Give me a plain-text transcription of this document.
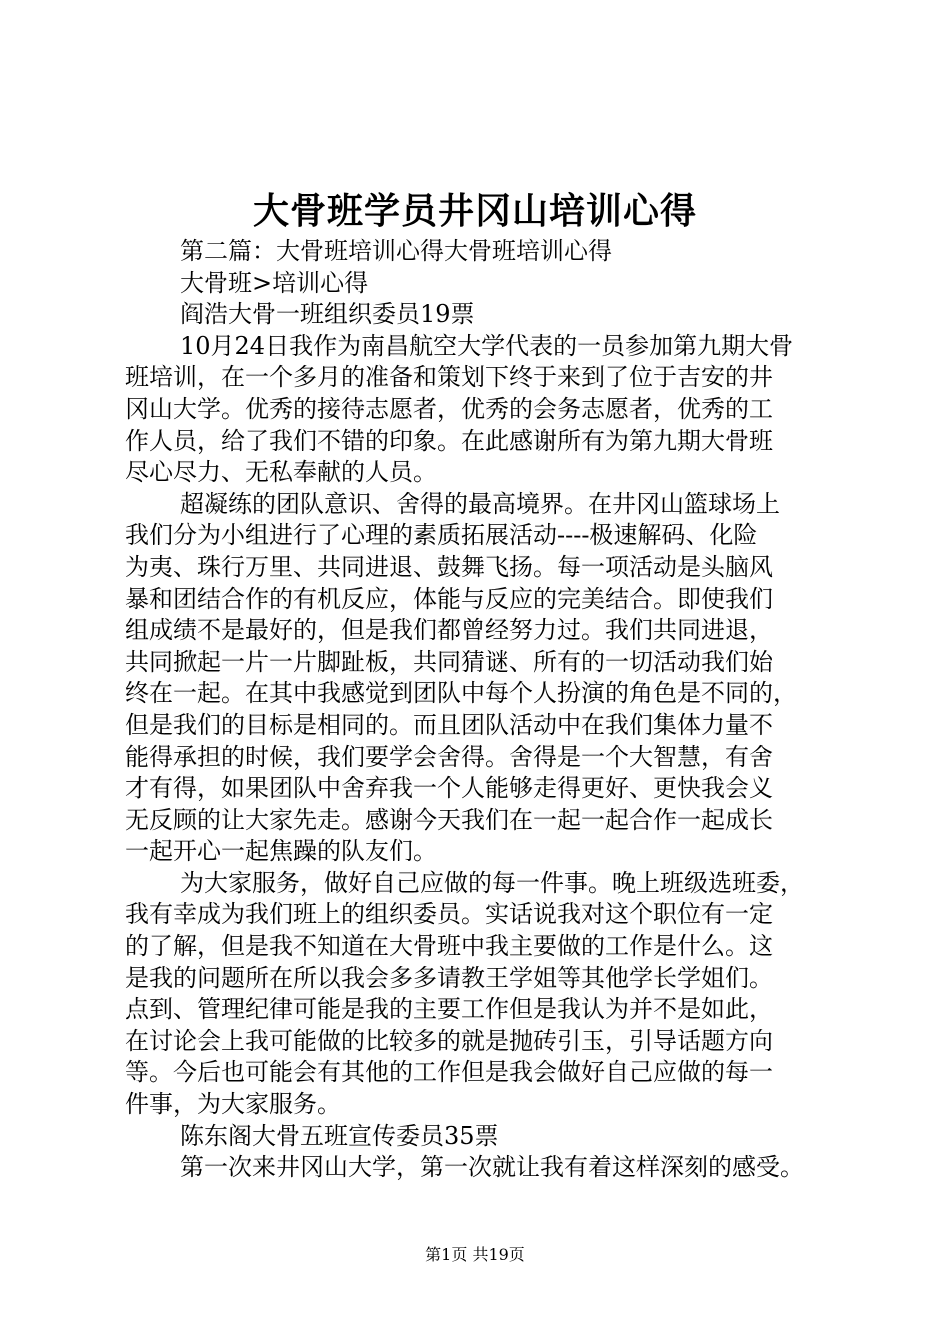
大骨班学员井冈山培训心得
第二篇：大骨班培训心得大骨班培训心得
大骨班>培训心得
阎浩大骨一班组织委员19票
10月24日我作为南昌航空大学代表的一员参加第九期大骨
班培训，在一个多月的准备和策划下终于来到了位于吉安的井
冈山大学。优秀的接待志愿者，优秀的会务志愿者，优秀的工
作人员，给了我们不错的印象。在此感谢所有为第九期大骨班
尽心尽力、无私奉献的人员。
超凝练的团队意识、舍得的最高境界。在井冈山篮球场上
我们分为小组进行了心理的素质拓展活动----极速解码、化险
为夷、珠行万里、共同进退、鼓舞飞扬。每一项活动是头脑风
暴和团结合作的有机反应，体能与反应的完美结合。即使我们
组成绩不是最好的，但是我们都曾经努力过。我们共同进退，
共同掀起一片一片脚趾板，共同猜谜、所有的一切活动我们始
终在一起。在其中我感觉到团队中每个人扮演的角色是不同的，
但是我们的目标是相同的。而且团队活动中在我们集体力量不
能得承担的时候，我们要学会舍得。舍得是一个大智慧，有舍
才有得，如果团队中舍弃我一个人能够走得更好、更快我会义
无反顾的让大家先走。感谢今天我们在一起一起合作一起成长
一起开心一起焦躁的队友们。
为大家服务，做好自己应做的每一件事。晚上班级选班委，
我有幸成为我们班上的组织委员。实话说我对这个职位有一定
的了解，但是我不知道在大骨班中我主要做的工作是什么。这
是我的问题所在所以我会多多请教王学姐等其他学长学姐们。
点到、管理纪律可能是我的主要工作但是我认为并不是如此，
在讨论会上我可能做的比较多的就是抛砖引玉，引导话题方向
等。今后也可能会有其他的工作但是我会做好自己应做的每一
件事，为大家服务。
陈东阁大骨五班宣传委员35票
第一次来井冈山大学，第一次就让我有着这样深刻的感受。
第1页 共19页
